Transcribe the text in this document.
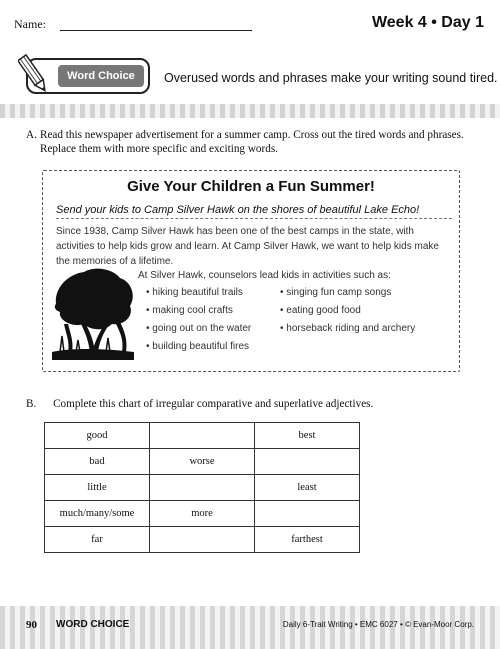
Name:	Week 4 • Day 1
Word Choice	Overused words and phrases make your writing sound tired.
A. Read this newspaper advertisement for a summer camp. Cross out the tired words and phrases. Replace them with more specific and exciting words.
Give Your Children a Fun Summer!
Send your kids to Camp Silver Hawk on the shores of beautiful Lake Echo!
Since 1938, Camp Silver Hawk has been one of the best camps in the state, with activities to help kids grow and learn. At Camp Silver Hawk, we want to help kids make the memories of a lifetime.
At Silver Hawk, counselors lead kids in activities such as:
• hiking beautiful trails
• making cool crafts
• going out on the water
• building beautiful fires
• singing fun camp songs
• eating good food
• horseback riding and archery
B. Complete this chart of irregular comparative and superlative adjectives.
good		best
bad	worse	
little		least
much/many/some	more	
far		farthest
90 WORD CHOICE	Daily 6-Trait Writing • EMC 6027 • © Evan-Moor Corp.
